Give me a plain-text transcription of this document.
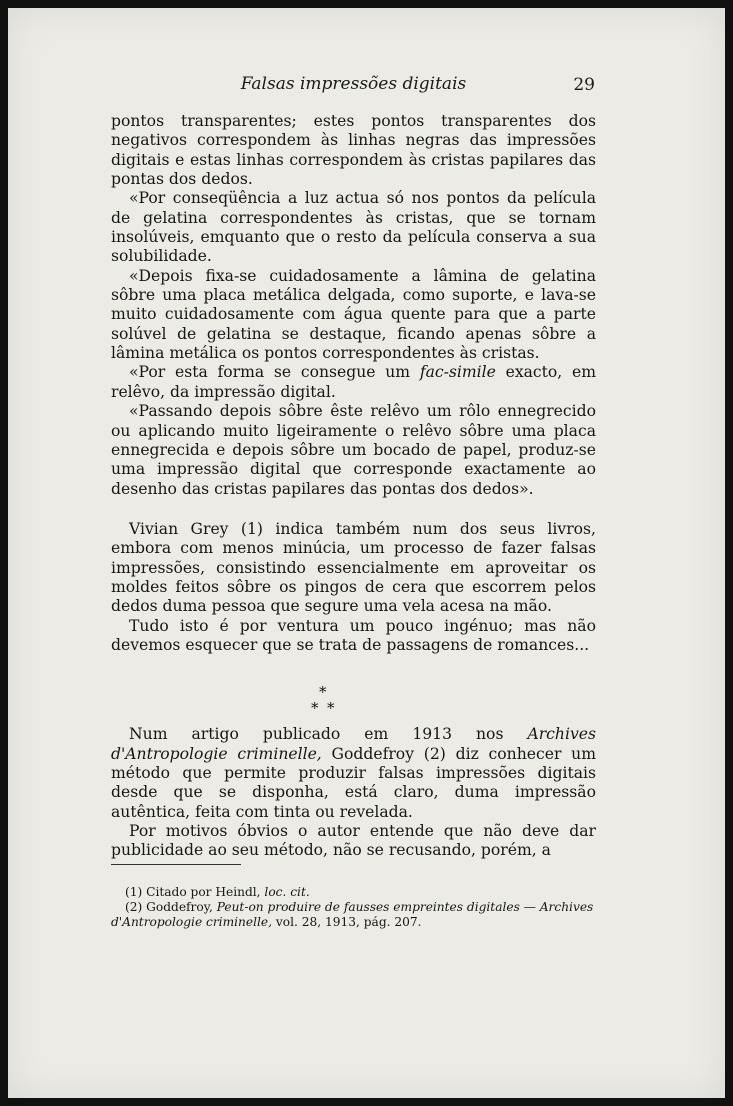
Falsas impressões digitais	29

pontos transparentes; estes pontos transparentes dos negativos correspondem às linhas negras das impressões digitais e estas linhas correspondem às cristas papilares das pontas dos dedos.

«Por conseqüência a luz actua só nos pontos da película de gelatina correspondentes às cristas, que se tornam insolúveis, emquanto que o resto da película conserva a sua solubilidade.

«Depois fixa-se cuidadosamente a lâmina de gelatina sôbre uma placa metálica delgada, como suporte, e lava-se muito cuidadosamente com água quente para que a parte solúvel de gelatina se destaque, ficando apenas sôbre a lâmina metálica os pontos correspondentes às cristas.

«Por esta forma se consegue um fac-simile exacto, em relêvo, da impressão digital.

«Passando depois sôbre êste relêvo um rôlo ennegrecido ou aplicando muito ligeiramente o relêvo sôbre uma placa ennegrecida e depois sôbre um bocado de papel, produz-se uma impressão digital que corresponde exactamente ao desenho das cristas papilares das pontas dos dedos».

Vivian Grey (1) indica também num dos seus livros, embora com menos minúcia, um processo de fazer falsas impressões, consistindo essencialmente em aproveitar os moldes feitos sôbre os pingos de cera que escorrem pelos dedos duma pessoa que segure uma vela acesa na mão.

Tudo isto é por ventura um pouco ingénuo; mas não devemos esquecer que se trata de passagens de romances...

*
* *

Num artigo publicado em 1913 nos Archives d'Antropologie criminelle, Goddefroy (2) diz conhecer um método que permite produzir falsas impressões digitais desde que se disponha, está claro, duma impressão autêntica, feita com tinta ou revelada.

Por motivos óbvios o autor entende que não deve dar publicidade ao seu método, não se recusando, porém, a

(1) Citado por Heindl, loc. cit.

(2) Goddefroy, Peut-on produire de fausses empreintes digitales — Archives d'Antropologie criminelle, vol. 28, 1913, pág. 207.
